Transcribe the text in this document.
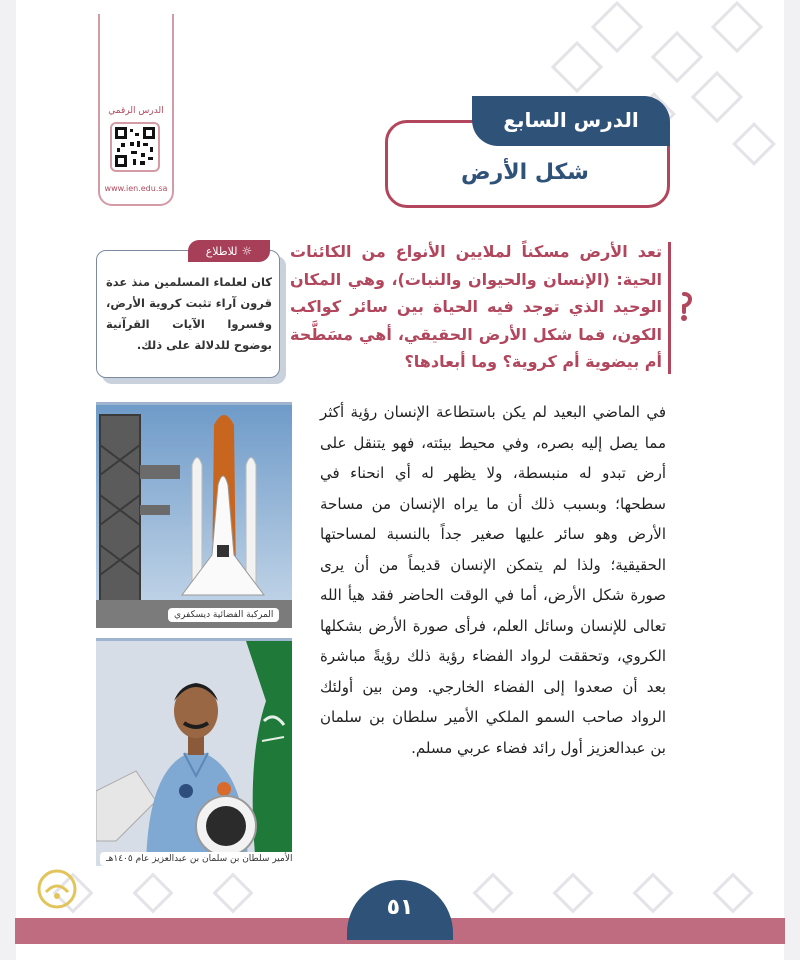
الدرس الرقمي
www.ien.edu.sa
الدرس السابع
شكل الأرض
☼للاطلاع
كان لعلماء المسلمين منذ عدة قرون آراء تثبت كروية الأرض، وفسروا الآيات القرآنية بوضوح للدلالة على ذلك.
تعد الأرض مسكناً لملايين الأنواع من الكائنات الحية: (الإنسان والحيوان والنبات)، وهي المكان الوحيد الذي توجد فيه الحياة بين سائر كواكب الكون، فما شكل الأرض الحقيقي، أهي مسَطَّحة أم بيضوية أم كروية؟ وما أبعادها؟
في الماضي البعيد لم يكن باستطاعة الإنسان رؤية أكثر مما يصل إليه بصره، وفي محيط بيئته، فهو يتنقل على أرض تبدو له منبسطة، ولا يظهر له أي انحناء في سطحها؛ وبسبب ذلك أن ما يراه الإنسان من مساحة الأرض وهو سائر عليها صغير جداً بالنسبة لمساحتها الحقيقية؛ ولذا لم يتمكن الإنسان قديماً من أن يرى صورة شكل الأرض، أما في الوقت الحاضر فقد هيأ الله تعالى للإنسان وسائل العلم، فرأى صورة الأرض بشكلها الكروي، وتحققت لرواد الفضاء رؤية ذلك رؤيةً مباشرة بعد أن صعدوا إلى الفضاء الخارجي. ومن بين أولئك الرواد صاحب السمو الملكي الأمير سلطان بن سلمان بن عبدالعزيز أول رائد فضاء عربي مسلم.
المركبة الفضائية ديسكفري
الأمير سلطان بن سلمان بن عبدالعزيز عام ١٤٠٥هـ
٥١
